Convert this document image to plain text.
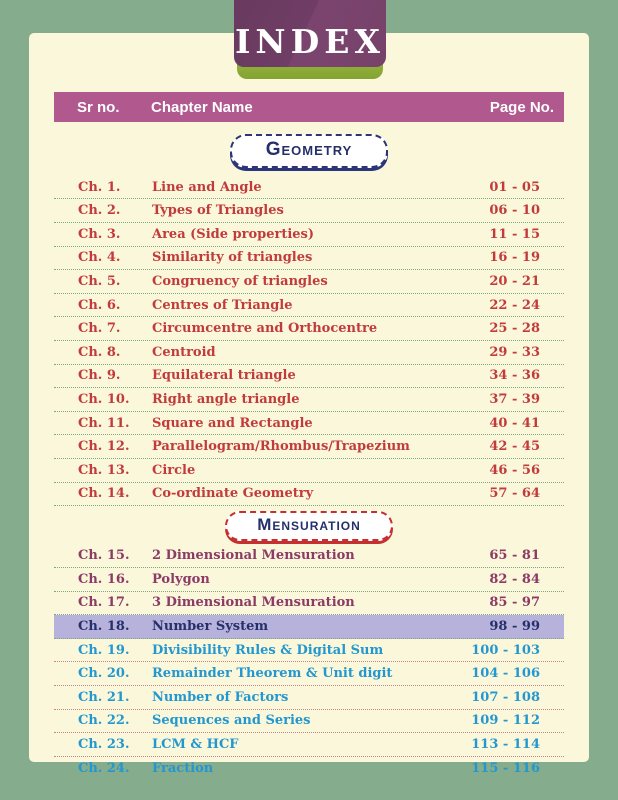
Sr no.	Chapter Name	Page No.
Geometry
Ch. 1.	Line and Angle	01 - 05
Ch. 2.	Types of Triangles	06 - 10
Ch. 3.	Area (Side properties)	11 - 15
Ch. 4.	Similarity of triangles	16 - 19
Ch. 5.	Congruency of triangles	20 - 21
Ch. 6.	Centres of Triangle	22 - 24
Ch. 7.	Circumcentre and Orthocentre	25 - 28
Ch. 8.	Centroid	29 - 33
Ch. 9.	Equilateral triangle	34 - 36
Ch. 10.	Right angle triangle	37 - 39
Ch. 11.	Square and Rectangle	40 - 41
Ch. 12.	Parallelogram/Rhombus/Trapezium	42 - 45
Ch. 13.	Circle	46 - 56
Ch. 14.	Co-ordinate Geometry	57 - 64
Mensuration
Ch. 15.	2 Dimensional Mensuration	65 - 81
Ch. 16.	Polygon	82 - 84
Ch. 17.	3 Dimensional Mensuration	85 - 97
Ch. 18.	Number System	98 - 99
Ch. 19.	Divisibility Rules & Digital Sum	100 - 103
Ch. 20.	Remainder Theorem & Unit digit	104 - 106
Ch. 21.	Number of Factors	107 - 108
Ch. 22.	Sequences and Series	109 - 112
Ch. 23.	LCM & HCF	113 - 114
Ch. 24.	Fraction	115 - 116
INDEX
